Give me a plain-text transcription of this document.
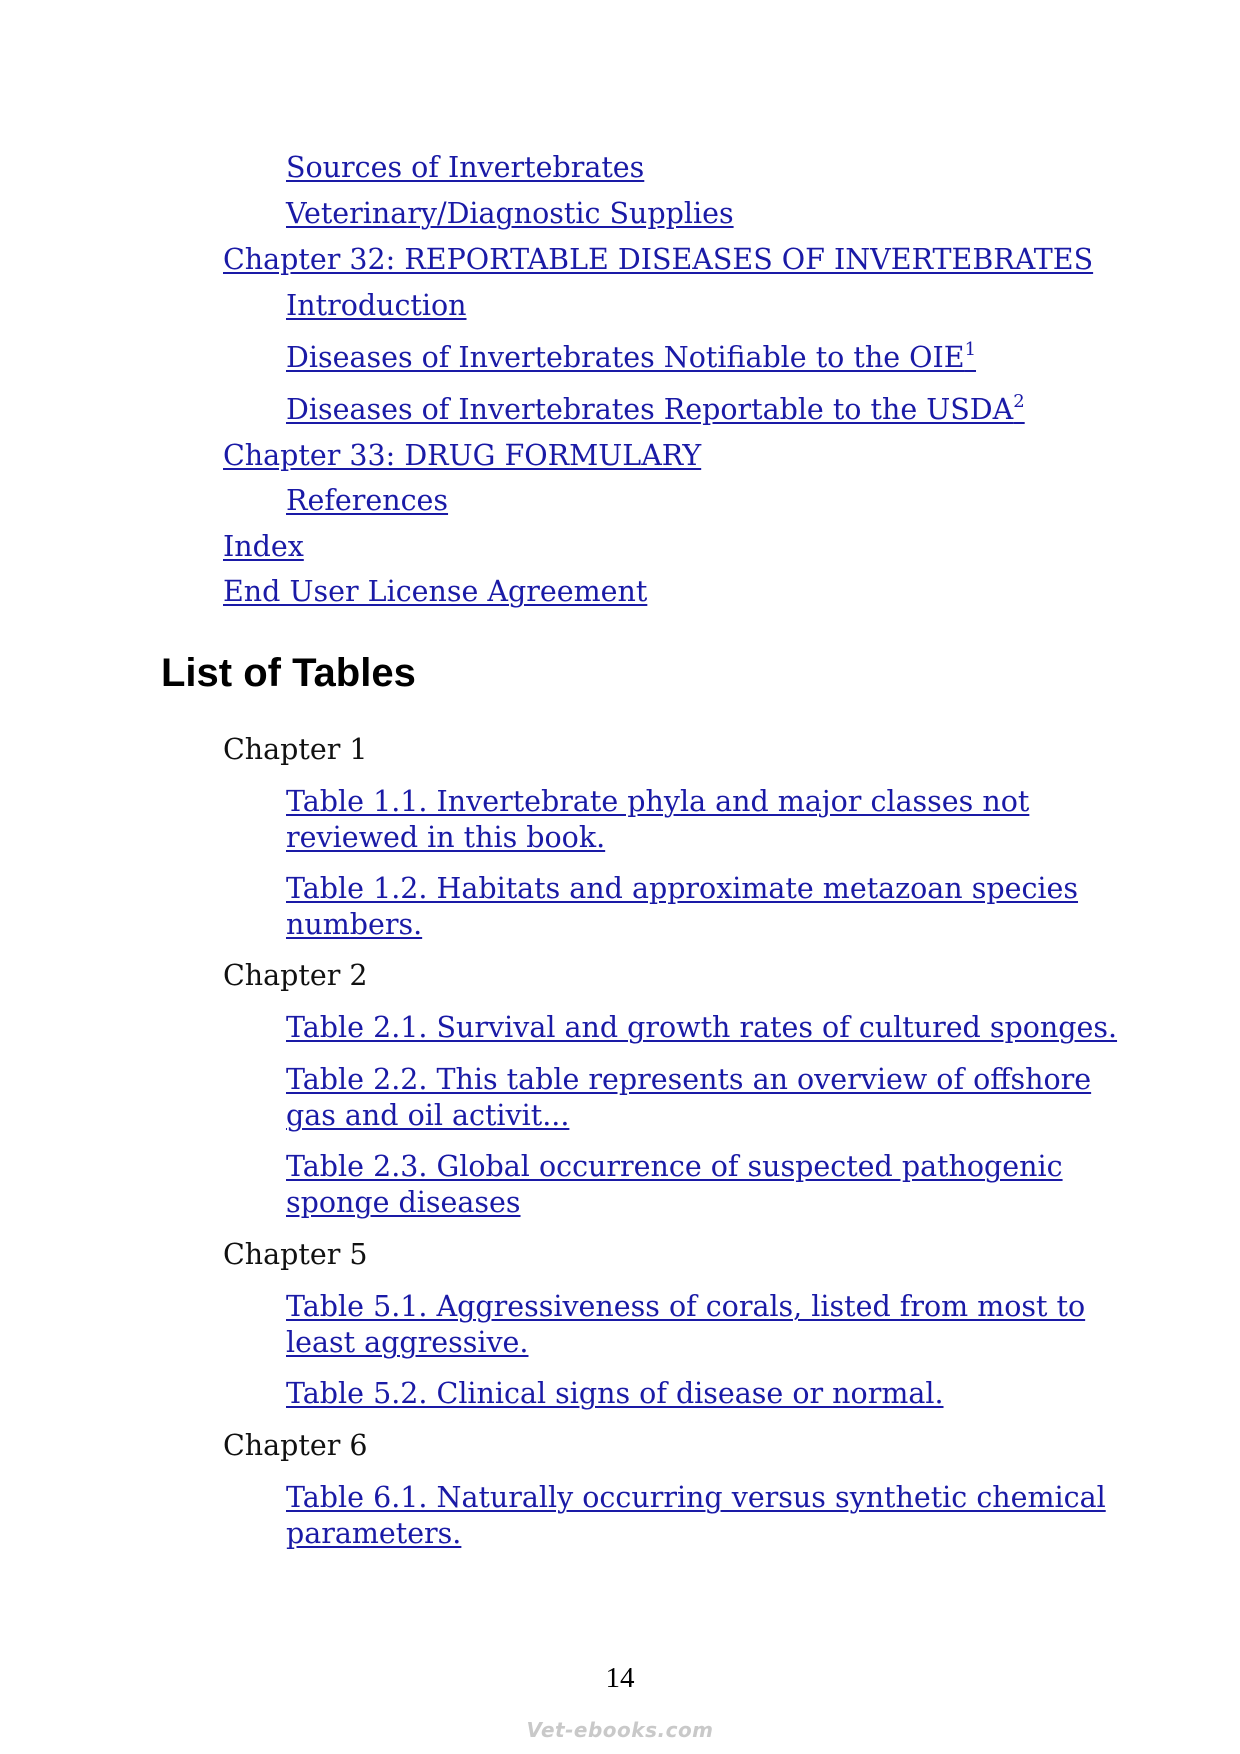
Sources of Invertebrates
Veterinary/Diagnostic Supplies
Chapter 32: REPORTABLE DISEASES OF INVERTEBRATES
Introduction
Diseases of Invertebrates Notifiable to the OIE$^1$
Diseases of Invertebrates Reportable to the USDA$^2$
Chapter 33: DRUG FORMULARY
References
Index
End User License Agreement
List of Tables
Chapter 1
Table 1.1. Invertebrate phyla and major classes not reviewed in this book.
Table 1.2. Habitats and approximate metazoan species numbers.
Chapter 2
Table 2.1. Survival and growth rates of cultured sponges.
Table 2.2. This table represents an overview of offshore gas and oil activit...
Table 2.3. Global occurrence of suspected pathogenic sponge diseases
Chapter 5
Table 5.1. Aggressiveness of corals, listed from most to least aggressive.
Table 5.2. Clinical signs of disease or normal.
Chapter 6
Table 6.1. Naturally occurring versus synthetic chemical parameters.
14
Vet-ebooks.com
